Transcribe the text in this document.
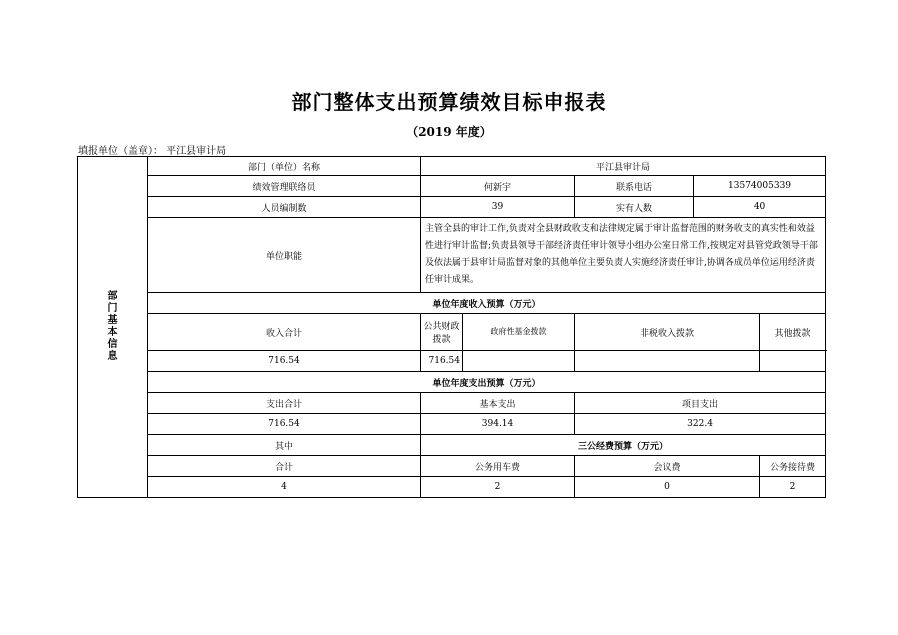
部门整体支出预算绩效目标申报表
（2019 年度）
填报单位（盖章）： 平江县审计局
部门基本信息	部门（单位）名称	平江县审计局				
	绩效管理联络员	何新宇		联系电话	13574005339	
	人员编制数	39		实有人数	40	
	单位职能	主管全县的审计工作,负责对全县财政收支和法律规定属于审计监督范围的财务收支的真实性和效益性进行审计监督;负责县领导干部经济责任审计领导小组办公室日常工作,按规定对县管党政领导干部及依法属于县审计局监督对象的其他单位主要负责人实施经济责任审计,协调各成员单位运用经济责任审计成果。				
	单位年度收入预算（万元）					
	收入合计	公共财政拨款	政府性基金拨款	非税收入拨款		其他拨款
	716.54	716.54				
	单位年度支出预算（万元）					
	支出合计	基本支出		项目支出		
	716.54	394.14		322.4		
	其中	三公经费预算（万元）				
	合计	公务用车费		会议费		公务接待费
	4	2		0		2
